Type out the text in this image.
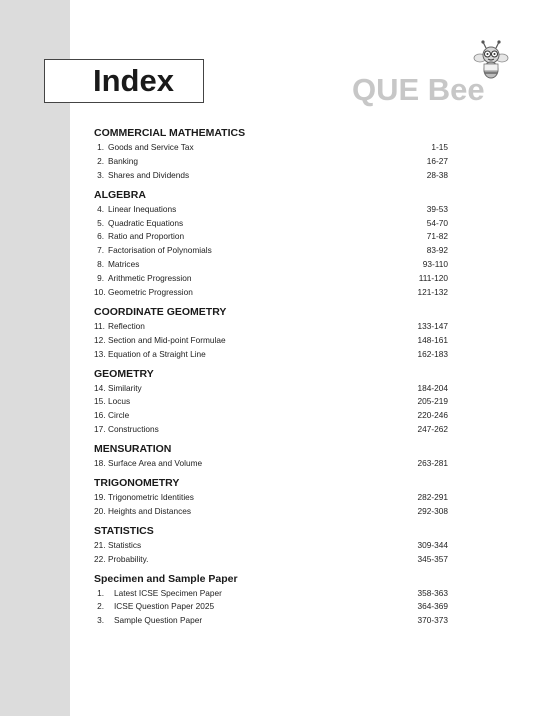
Index	QUE Bee
COMMERCIAL MATHEMATICS
1. Goods and Service Tax	1-15
2. Banking	16-27
3. Shares and Dividends	28-38
ALGEBRA
4. Linear Inequations	39-53
5. Quadratic Equations	54-70
6. Ratio and Proportion	71-82
7. Factorisation of Polynomials	83-92
8. Matrices	93-110
9. Arithmetic Progression	111-120
10. Geometric Progression	121-132
COORDINATE GEOMETRY
11. Reflection	133-147
12. Section and Mid-point Formulae	148-161
13. Equation of a Straight Line	162-183
GEOMETRY
14. Similarity	184-204
15. Locus	205-219
16. Circle	220-246
17. Constructions	247-262
MENSURATION
18. Surface Area and Volume	263-281
TRIGONOMETRY
19. Trigonometric Identities	282-291
20. Heights and Distances	292-308
STATISTICS
21. Statistics	309-344
22. Probability.	345-357
Specimen and Sample Paper
1.	Latest ICSE Specimen Paper	358-363
2.	ICSE Question Paper 2025	364-369
3.	Sample Question Paper	370-373
